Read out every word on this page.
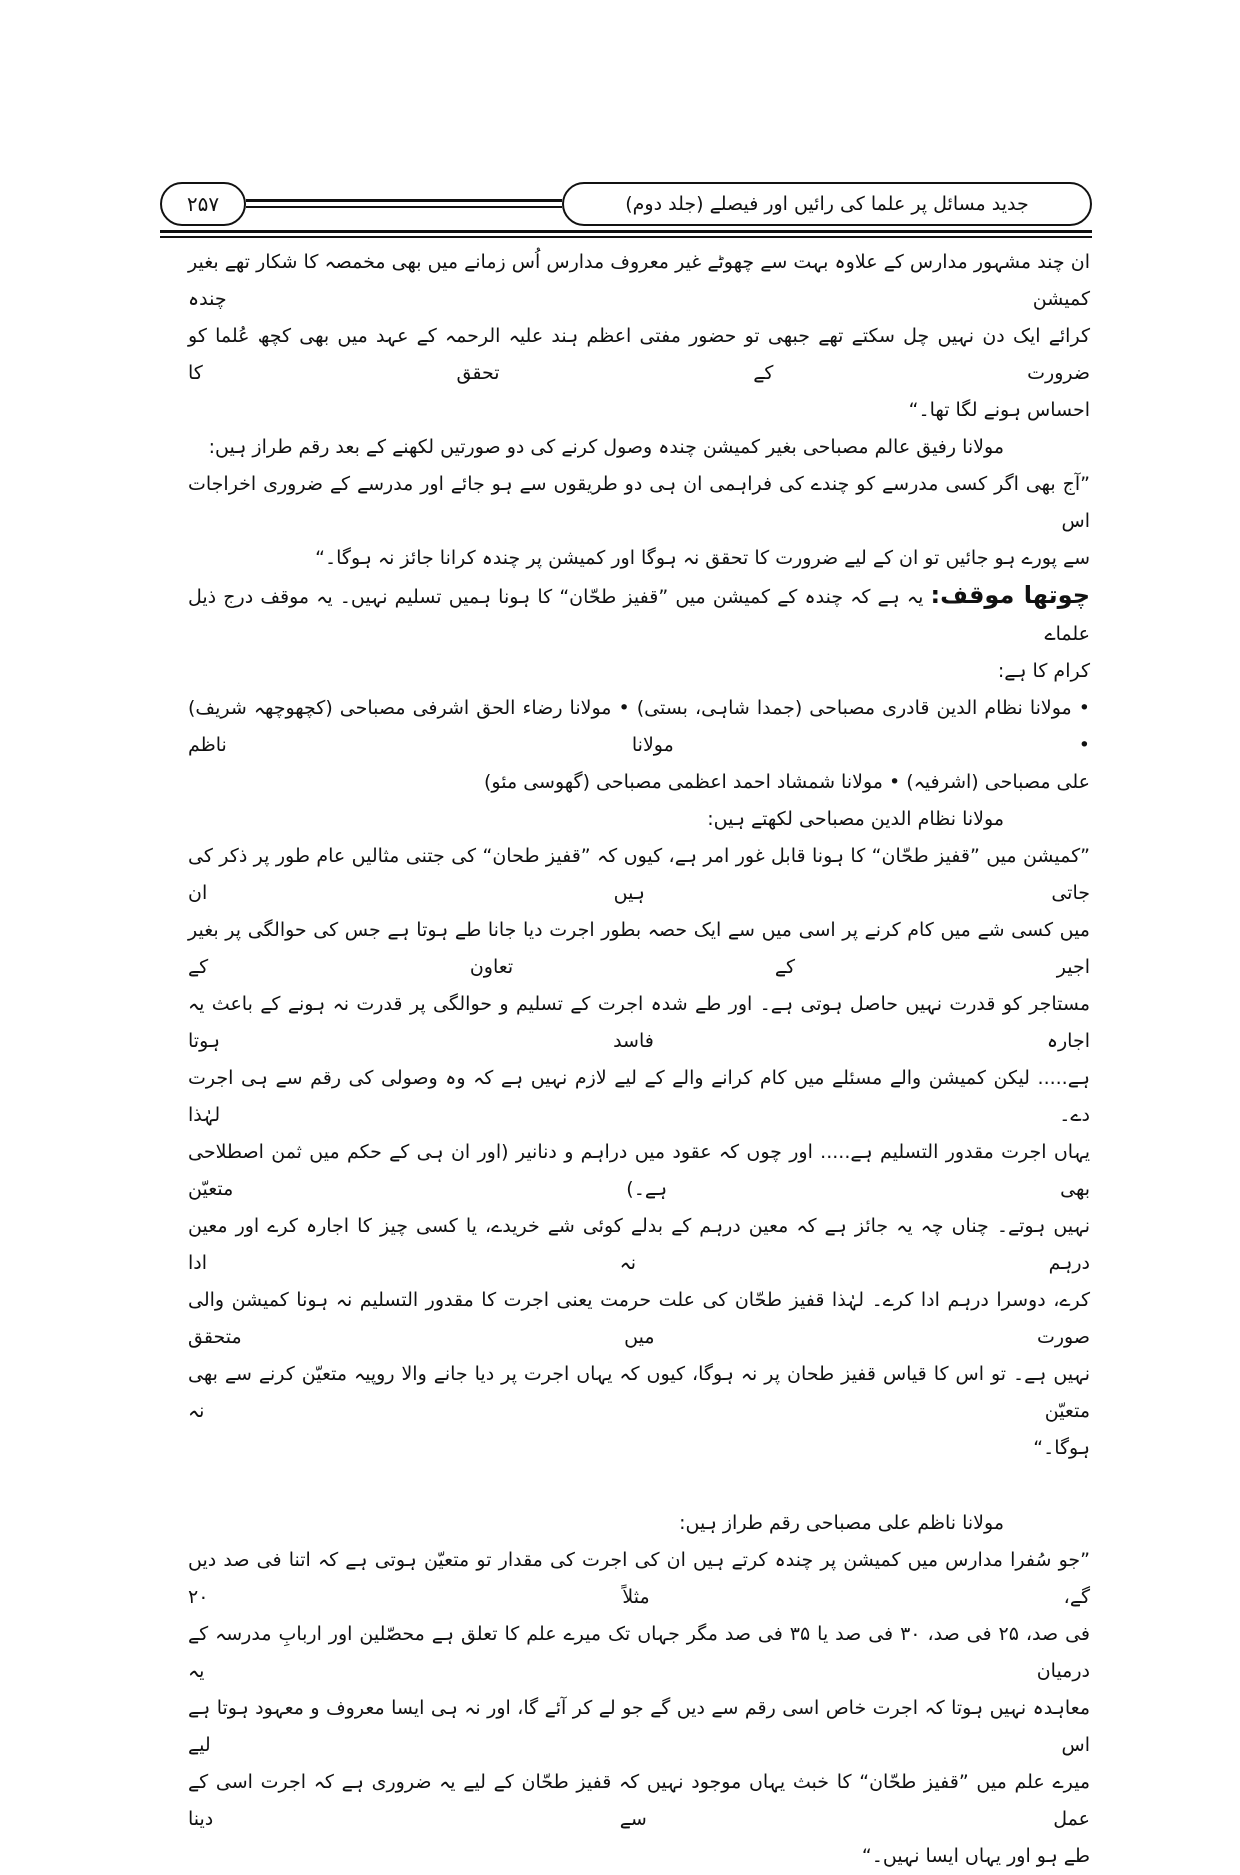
جدید مسائل پر علما کی رائیں اور فیصلے (جلد دوم)
۲۵۷
ان چند مشہور مدارس کے علاوہ بہت سے چھوٹے غیر معروف مدارس اُس زمانے میں بھی مخمصہ کا شکار تھے بغیر کمیشن چندہ
کرائے ایک دن نہیں چل سکتے تھے جبھی تو حضور مفتی اعظم ہند علیہ الرحمہ کے عہد میں بھی کچھ عُلما کو ضرورت کے تحقق کا
احساس ہونے لگا تھا۔“
مولانا رفیق عالم مصباحی بغیر کمیشن چندہ وصول کرنے کی دو صورتیں لکھنے کے بعد رقم طراز ہیں:
”آج بھی اگر کسی مدرسے کو چندے کی فراہمی ان ہی دو طریقوں سے ہو جائے اور مدرسے کے ضروری اخراجات اس
سے پورے ہو جائیں تو ان کے لیے ضرورت کا تحقق نہ ہوگا اور کمیشن پر چندہ کرانا جائز نہ ہوگا۔“
چوتھا موقف: یہ ہے کہ چندہ کے کمیشن میں ”قفیز طحّان“ کا ہونا ہمیں تسلیم نہیں۔ یہ موقف درج ذیل علماے
کرام کا ہے:
• مولانا نظام الدین قادری مصباحی (جمدا شاہی، بستی) • مولانا رضاء الحق اشرفی مصباحی (کچھوچھہ شریف) • مولانا ناظم
علی مصباحی (اشرفیہ) • مولانا شمشاد احمد اعظمی مصباحی (گھوسی مئو)
مولانا نظام الدین مصباحی لکھتے ہیں:
”کمیشن میں ”قفیز طحّان“ کا ہونا قابل غور امر ہے، کیوں کہ ”قفیز طحان“ کی جتنی مثالیں عام طور پر ذکر کی جاتی ہیں ان
میں کسی شے میں کام کرنے پر اسی میں سے ایک حصہ بطور اجرت دیا جانا طے ہوتا ہے جس کی حوالگی پر بغیر اجیر کے تعاون کے
مستاجر کو قدرت نہیں حاصل ہوتی ہے۔ اور طے شدہ اجرت کے تسلیم و حوالگی پر قدرت نہ ہونے کے باعث یہ اجارہ فاسد ہوتا
ہے..... لیکن کمیشن والے مسئلے میں کام کرانے والے کے لیے لازم نہیں ہے کہ وہ وصولی کی رقم سے ہی اجرت دے۔ لہٰذا
یہاں اجرت مقدور التسلیم ہے..... اور چوں کہ عقود میں دراہم و دنانیر (اور ان ہی کے حکم میں ثمن اصطلاحی بھی ہے۔) متعیّن
نہیں ہوتے۔ چناں چہ یہ جائز ہے کہ معین درہم کے بدلے کوئی شے خریدے، یا کسی چیز کا اجارہ کرے اور معین درہم نہ ادا
کرے، دوسرا درہم ادا کرے۔ لہٰذا قفیز طحّان کی علت حرمت یعنی اجرت کا مقدور التسلیم نہ ہونا کمیشن والی صورت میں متحقق
نہیں ہے۔ تو اس کا قیاس قفیز طحان پر نہ ہوگا، کیوں کہ یہاں اجرت پر دیا جانے والا روپیہ متعیّن کرنے سے بھی متعیّن نہ
ہوگا۔“
مولانا ناظم علی مصباحی رقم طراز ہیں:
”جو سُفرا مدارس میں کمیشن پر چندہ کرتے ہیں ان کی اجرت کی مقدار تو متعیّن ہوتی ہے کہ اتنا فی صد دیں گے، مثلاً ۲۰
فی صد، ۲۵ فی صد، ۳۰ فی صد یا ۳۵ فی صد مگر جہاں تک میرے علم کا تعلق ہے محصّلین اور اربابِ مدرسہ کے درمیان یہ
معاہدہ نہیں ہوتا کہ اجرت خاص اسی رقم سے دیں گے جو لے کر آئے گا، اور نہ ہی ایسا معروف و معہود ہوتا ہے اس لیے
میرے علم میں ”قفیز طحّان“ کا خبث یہاں موجود نہیں کہ قفیز طحّان کے لیے یہ ضروری ہے کہ اجرت اسی کے عمل سے دینا
طے ہو اور یہاں ایسا نہیں۔“
